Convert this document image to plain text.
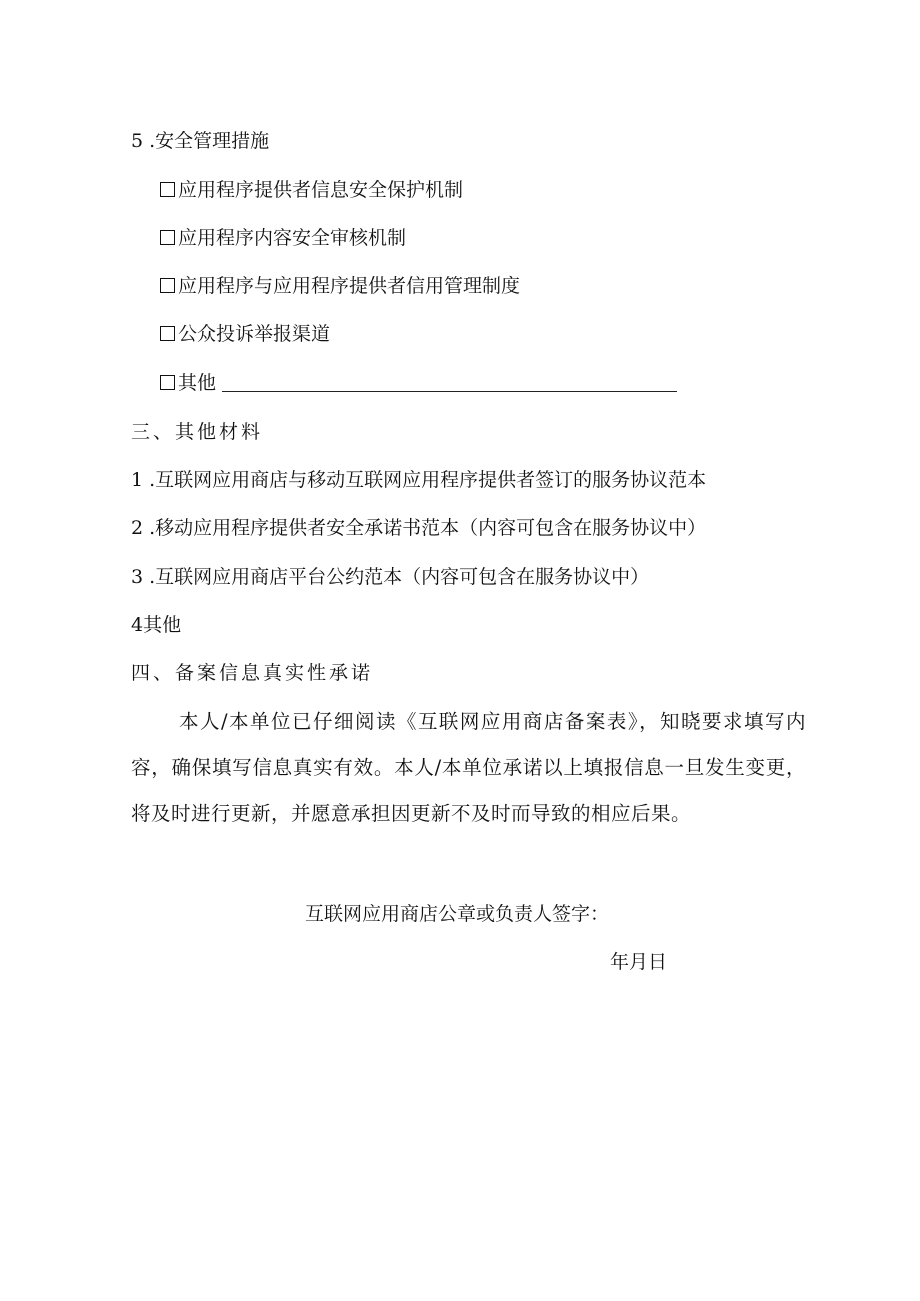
5 .安全管理措施
应用程序提供者信息安全保护机制
应用程序内容安全审核机制
应用程序与应用程序提供者信用管理制度
公众投诉举报渠道
其他
三、其他材料
1 .互联网应用商店与移动互联网应用程序提供者签订的服务协议范本
2 .移动应用程序提供者安全承诺书范本（内容可包含在服务协议中）
3 .互联网应用商店平台公约范本（内容可包含在服务协议中）
4其他
四、备案信息真实性承诺
本人/本单位已仔细阅读《互联网应用商店备案表》，知晓要求填写内容，确保填写信息真实有效。本人/本单位承诺以上填报信息一旦发生变更，将及时进行更新，并愿意承担因更新不及时而导致的相应后果。
互联网应用商店公章或负责人签字：
年月日
